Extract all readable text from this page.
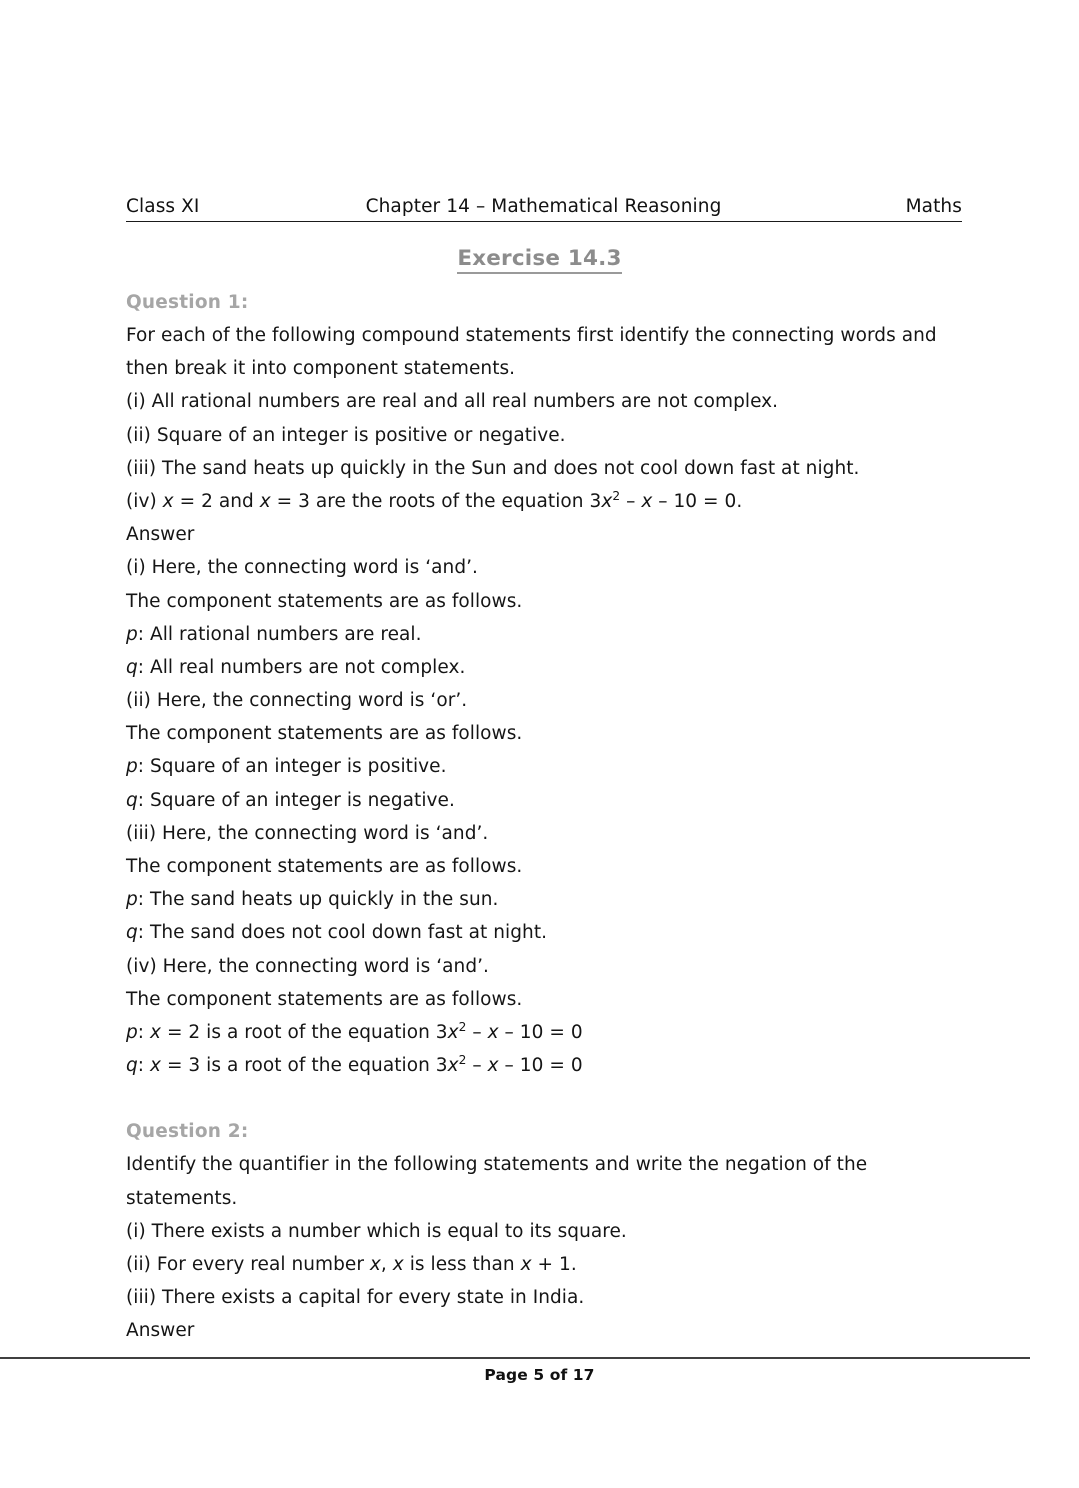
Class XI	Chapter 14 – Mathematical Reasoning	Maths
Exercise 14.3
Question 1:
For each of the following compound statements first identify the connecting words and
then break it into component statements.
(i) All rational numbers are real and all real numbers are not complex.
(ii) Square of an integer is positive or negative.
(iii) The sand heats up quickly in the Sun and does not cool down fast at night.
(iv) x = 2 and x = 3 are the roots of the equation $3x^2 - x - 10 = 0$.
Answer
(i) Here, the connecting word is ‘and’.
The component statements are as follows.
p: All rational numbers are real.
q: All real numbers are not complex.
(ii) Here, the connecting word is ‘or’.
The component statements are as follows.
p: Square of an integer is positive.
q: Square of an integer is negative.
(iii) Here, the connecting word is ‘and’.
The component statements are as follows.
p: The sand heats up quickly in the sun.
q: The sand does not cool down fast at night.
(iv) Here, the connecting word is ‘and’.
The component statements are as follows.
p: x = 2 is a root of the equation $3x^2 - x - 10 = 0$
q: x = 3 is a root of the equation $3x^2 - x - 10 = 0$
Question 2:
Identify the quantifier in the following statements and write the negation of the
statements.
(i) There exists a number which is equal to its square.
(ii) For every real number x, x is less than x + 1.
(iii) There exists a capital for every state in India.
Answer
Page 5 of 17
